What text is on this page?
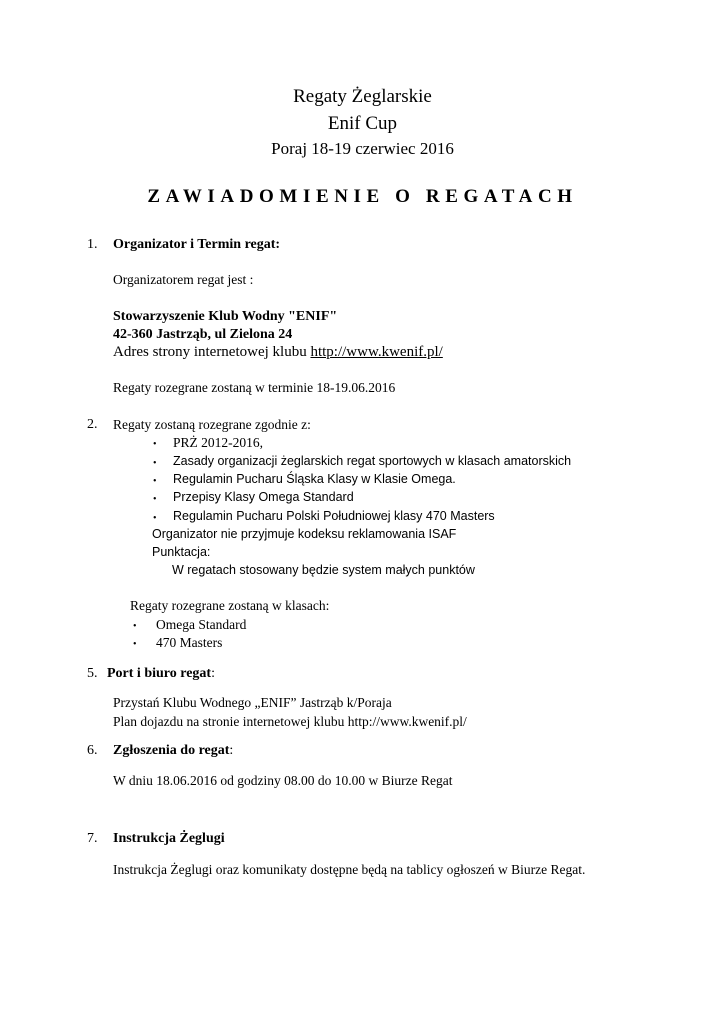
Regaty Żeglarskie
Enif Cup
Poraj 18-19 czerwiec 2016
ZAWIADOMIENIE O REGATACH
1. Organizator i Termin regat:
Organizatorem regat jest :
Stowarzyszenie Klub Wodny "ENIF"
42-360 Jastrząb, ul Zielona 24
Adres strony internetowej klubu http://www.kwenif.pl/
Regaty rozegrane zostaną w terminie 18-19.06.2016
2. Regaty zostaną rozegrane zgodnie z:
• PRŻ 2012-2016,
• Zasady organizacji żeglarskich regat sportowych w klasach amatorskich
• Regulamin Pucharu Śląska Klasy w Klasie Omega.
• Przepisy Klasy Omega Standard
• Regulamin Pucharu Polski Południowej klasy 470 Masters
Organizator nie przyjmuje kodeksu reklamowania ISAF
Punktacja:
W regatach stosowany będzie system małych punktów
Regaty rozegrane zostaną w klasach:
• Omega Standard
• 470 Masters
5. Port i biuro regat:
Przystań Klubu Wodnego „ENIF” Jastrząb k/Poraja
Plan dojazdu na stronie internetowej klubu http://www.kwenif.pl/
6. Zgłoszenia do regat:
W dniu 18.06.2016 od godziny 08.00 do 10.00 w Biurze Regat
7. Instrukcja Żeglugi
Instrukcja Żeglugi oraz komunikaty dostępne będą na tablicy ogłoszeń w Biurze Regat.
